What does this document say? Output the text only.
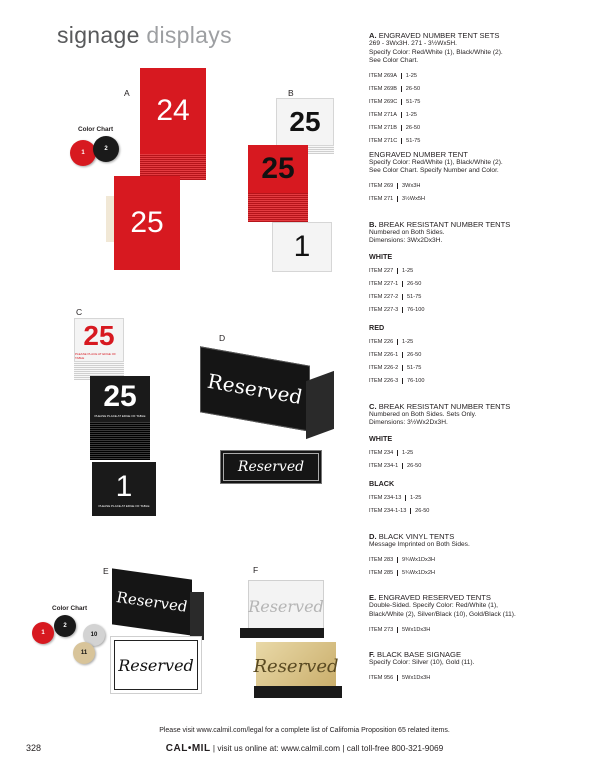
signage displays
A
Color Chart
1
2
24
25
B
25
25
1
C
25
PLEASE PLACE AT EDGE OF TABLE
25
PLEASE PLACE AT EDGE OF TABLE
1
PLEASE PLACE AT EDGE OF TABLE
D
Reserved
Reserved
E
Color Chart
1
2
10
11
Reserved
Reserved
F
Reserved
Reserved
A. ENGRAVED NUMBER TENT SETS
269 - 3Wx3H. 271 - 3½Wx5H.
Specify Color: Red/White (1), Black/White (2).
See Color Chart.
ITEM 269A 1-25
ITEM 269B 26-50
ITEM 269C 51-75
ITEM 271A 1-25
ITEM 271B 26-50
ITEM 271C 51-75
ENGRAVED NUMBER TENT
Specify Color: Red/White (1), Black/White (2).
See Color Chart. Specify Number and Color.
ITEM 269 3Wx3H
ITEM 271 3½Wx5H
B. BREAK RESISTANT NUMBER TENTS
Numbered on Both Sides.
Dimensions: 3Wx2Dx3H.
WHITE
ITEM 227 1-25
ITEM 227-1 26-50
ITEM 227-2 51-75
ITEM 227-3 76-100
RED
ITEM 226 1-25
ITEM 226-1 26-50
ITEM 226-2 51-75
ITEM 226-3 76-100
C. BREAK RESISTANT NUMBER TENTS
Numbered on Both Sides. Sets Only.
Dimensions: 3½Wx2Dx3H.
WHITE
ITEM 234 1-25
ITEM 234-1 26-50
BLACK
ITEM 234-13 1-25
ITEM 234-1-13 26-50
D. BLACK VINYL TENTS
Message Imprinted on Both Sides.
ITEM 283 9¾Wx1Dx3H
ITEM 285 5¾Wx1Dx2H
E. ENGRAVED RESERVED TENTS
Double-Sided. Specify Color: Red/White (1),
Black/White (2), Silver/Black (10), Gold/Black (11).
ITEM 273 5Wx1Dx3H
F. BLACK BASE SIGNAGE
Specify Color: Silver (10), Gold (11).
ITEM 956 5Wx1Dx3H
Please visit www.calmil.com/legal for a complete list of California Proposition 65 related items.
328	CAL•MIL | visit us online at: www.calmil.com | call toll-free 800-321-9069
